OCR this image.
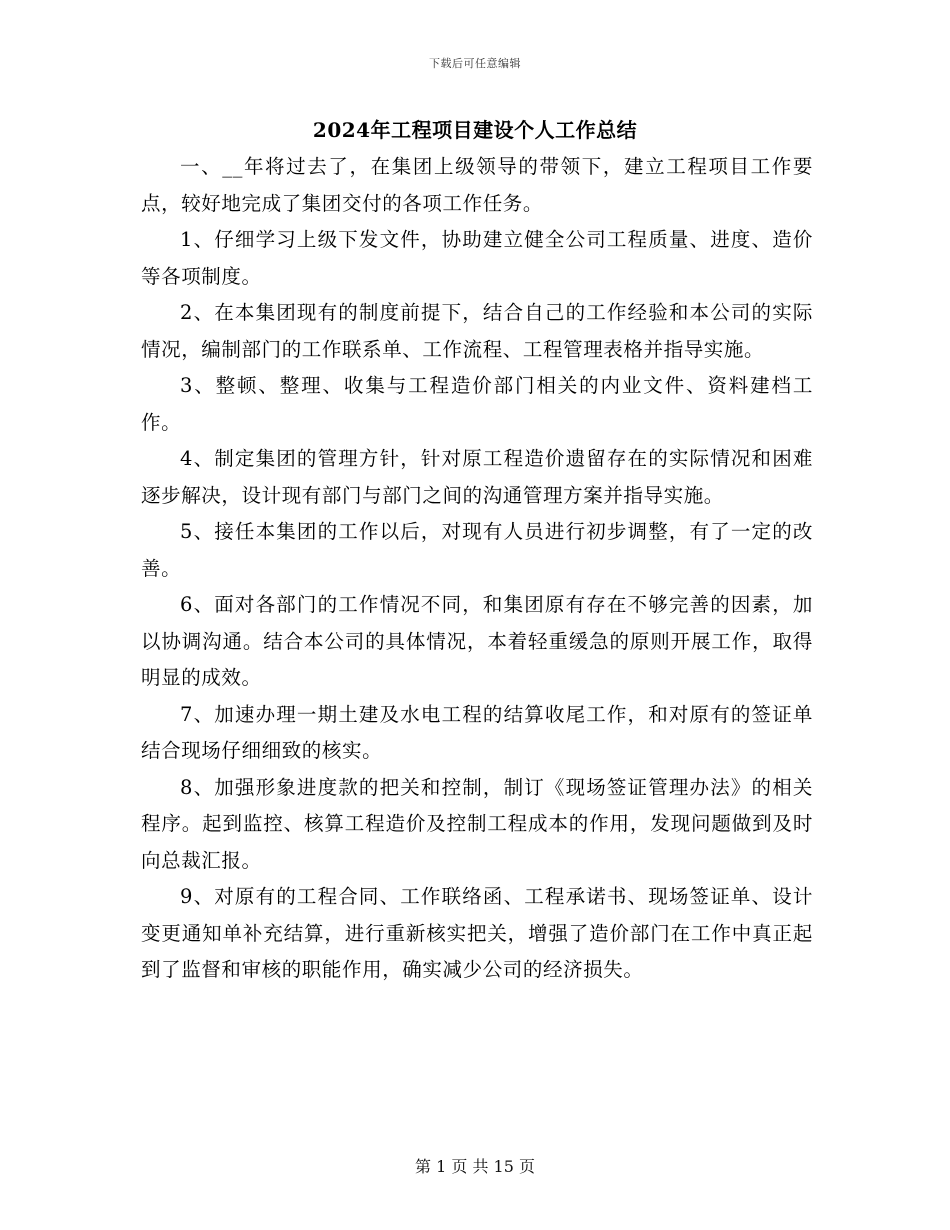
下载后可任意编辑
2024年工程项目建设个人工作总结

一、__年将过去了，在集团上级领导的带领下，建立工程项目工作要点，较好地完成了集团交付的各项工作任务。

1、仔细学习上级下发文件，协助建立健全公司工程质量、进度、造价等各项制度。

2、在本集团现有的制度前提下，结合自己的工作经验和本公司的实际情况，编制部门的工作联系单、工作流程、工程管理表格并指导实施。

3、整顿、整理、收集与工程造价部门相关的内业文件、资料建档工作。

4、制定集团的管理方针，针对原工程造价遗留存在的实际情况和困难逐步解决，设计现有部门与部门之间的沟通管理方案并指导实施。

5、接任本集团的工作以后，对现有人员进行初步调整，有了一定的改善。

6、面对各部门的工作情况不同，和集团原有存在不够完善的因素，加以协调沟通。结合本公司的具体情况，本着轻重缓急的原则开展工作，取得明显的成效。

7、加速办理一期土建及水电工程的结算收尾工作，和对原有的签证单结合现场仔细细致的核实。

8、加强形象进度款的把关和控制，制订《现场签证管理办法》的相关程序。起到监控、核算工程造价及控制工程成本的作用，发现问题做到及时向总裁汇报。

9、对原有的工程合同、工作联络函、工程承诺书、现场签证单、设计变更通知单补充结算，进行重新核实把关，增强了造价部门在工作中真正起到了监督和审核的职能作用，确实减少公司的经济损失。

第 1 页 共 15 页
